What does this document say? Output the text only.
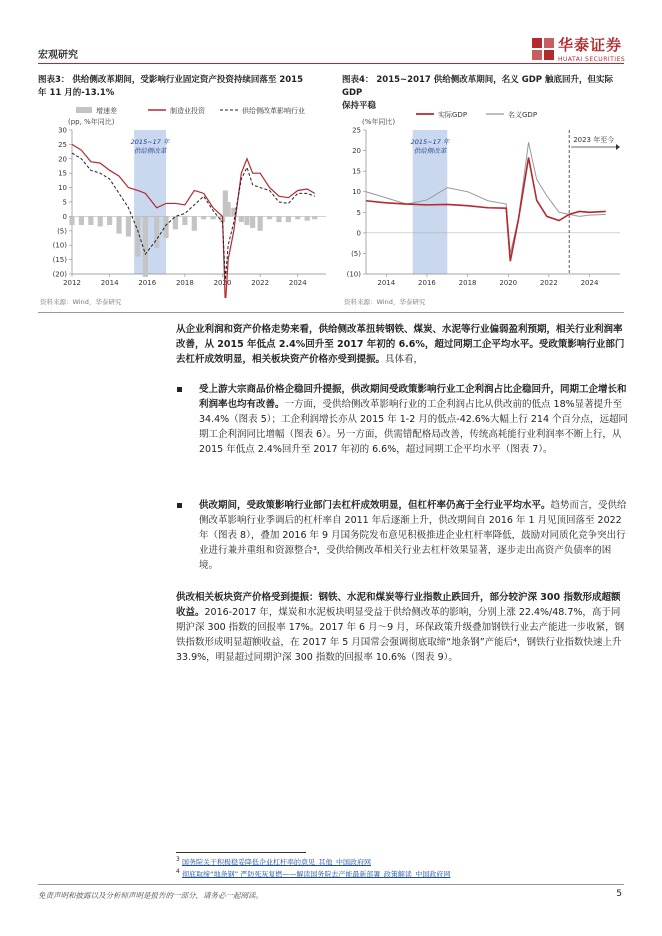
宏观研究
华泰证券
HUATAI SECURITIES
图表3： 供给侧改革期间，受影响行业固定资产投资持续回落至 2015
年 11 月的-13.1%
(pp, %年同比)
2015~17 年
供给侧改革
30
25
20
15
10
5
0
(5)
(10)
(15)
(20)
2012	2014	2016	2018	2020	2022	2024
增速差	制造业投资	供给侧改革影响行业
资料来源：Wind，华泰研究
图表4： 2015~2017 供给侧改革期间，名义 GDP 触底回升，但实际 GDP
保持平稳
(%年同比)
2015~17 年
供给侧改革
25
20
15
10
5
0
(5)
(10)
2014	2016	2018	2020	2022	2024
2023 年至今
实际GDP	名义GDP
资料来源：Wind，华泰研究
从企业利润和资产价格走势来看，供给侧改革扭转钢铁、煤炭、水泥等行业偏弱盈利预期，相关行业利润率改善，从 2015 年低点 2.4%回升至 2017 年初的 6.6%，超过同期工企平均水平。受政策影响行业部门去杠杆成效明显，相关板块资产价格亦受到提振。具体看，
受上游大宗商品价格企稳回升提振，供改期间受政策影响行业工企利润占比企稳回升，同期工企增长和利润率也均有改善。一方面，受供给侧改革影响行业的工企利润占比从供改前的低点 18%显著提升至 34.4%（图表 5）；工企利润增长亦从 2015 年 1-2 月的低点-42.6%大幅上行 214 个百分点，远超同期工企利润同比增幅（图表 6）。另一方面，供需错配格局改善，传统高耗能行业利润率不断上行，从 2015 年低点 2.4%回升至 2017 年初的 6.6%，超过同期工企平均水平（图表 7）。
供改期间，受政策影响行业部门去杠杆成效明显，但杠杆率仍高于全行业平均水平。趋势而言，受供给侧改革影响行业季调后的杠杆率自 2011 年后逐渐上升，供改期间自 2016 年 1 月见顶回落至 2022 年（图表 8），叠加 2016 年 9 月国务院发布意见积极推进企业杠杆率降低，鼓励对同质化竞争突出行业进行兼并重组和资源整合³，受供给侧改革相关行业去杠杆效果显著，逐步走出高资产负债率的困境。
供改相关板块资产价格受到提振：钢铁、水泥和煤炭等行业指数止跌回升，部分较沪深 300 指数形成超额收益。2016-2017 年，煤炭和水泥板块明显受益于供给侧改革的影响，分别上涨 22.4%/48.7%，高于同期沪深 300 指数的回报率 17%。2017 年 6 月～9 月，环保政策升级叠加钢铁行业去产能进一步收紧，钢铁指数形成明显超额收益，在 2017 年 5 月国常会强调彻底取缔“地条钢”产能后⁴，钢铁行业指数快速上升 33.9%，明显超过同期沪深 300 指数的回报率 10.6%（图表 9）。
$^3$ 国务院关于积极稳妥降低企业杠杆率的意见_其他_中国政府网
$^4$ 彻底取缔“地条钢” 严防死灰复燃——解读国务院去产能最新部署_政策解读_中国政府网
免责声明和披露以及分析师声明是报告的一部分，请务必一起阅读。	5
